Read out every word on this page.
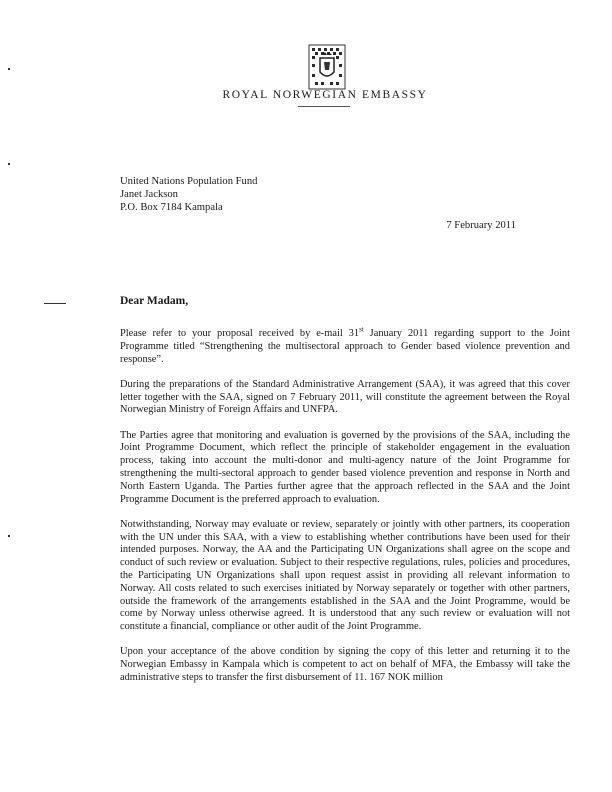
ROYAL NORWEGIAN EMBASSY
United Nations Population Fund
Janet Jackson
P.O. Box 7184 Kampala
7 February 2011
Dear Madam,

Please refer to your proposal received by e-mail 31st January 2011 regarding support to the Joint Programme titled “Strengthening the multisectoral approach to Gender based violence prevention and response”.

During the preparations of the Standard Administrative Arrangement (SAA), it was agreed that this cover letter together with the SAA, signed on 7 February 2011, will constitute the agreement between the Royal Norwegian Ministry of Foreign Affairs and UNFPA.

The Parties agree that monitoring and evaluation is governed by the provisions of the SAA, including the Joint Programme Document, which reflect the principle of stakeholder engagement in the evaluation process, taking into account the multi-donor and multi-agency nature of the Joint Programme for strengthening the multi-sectoral approach to gender based violence prevention and response in North and North Eastern Uganda. The Parties further agree that the approach reflected in the SAA and the Joint Programme Document is the preferred approach to evaluation.

Notwithstanding, Norway may evaluate or review, separately or jointly with other partners, its cooperation with the UN under this SAA, with a view to establishing whether contributions have been used for their intended purposes. Norway, the AA and the Participating UN Organizations shall agree on the scope and conduct of such review or evaluation. Subject to their respective regulations, rules, policies and procedures, the Participating UN Organizations shall upon request assist in providing all relevant information to Norway. All costs related to such exercises initiated by Norway separately or together with other partners, outside the framework of the arrangements established in the SAA and the Joint Programme, would be come by Norway unless otherwise agreed. It is understood that any such review or evaluation will not constitute a financial, compliance or other audit of the Joint Programme.

Upon your acceptance of the above condition by signing the copy of this letter and returning it to the Norwegian Embassy in Kampala which is competent to act on behalf of MFA, the Embassy will take the administrative steps to transfer the first disbursement of 11. 167 NOK million
